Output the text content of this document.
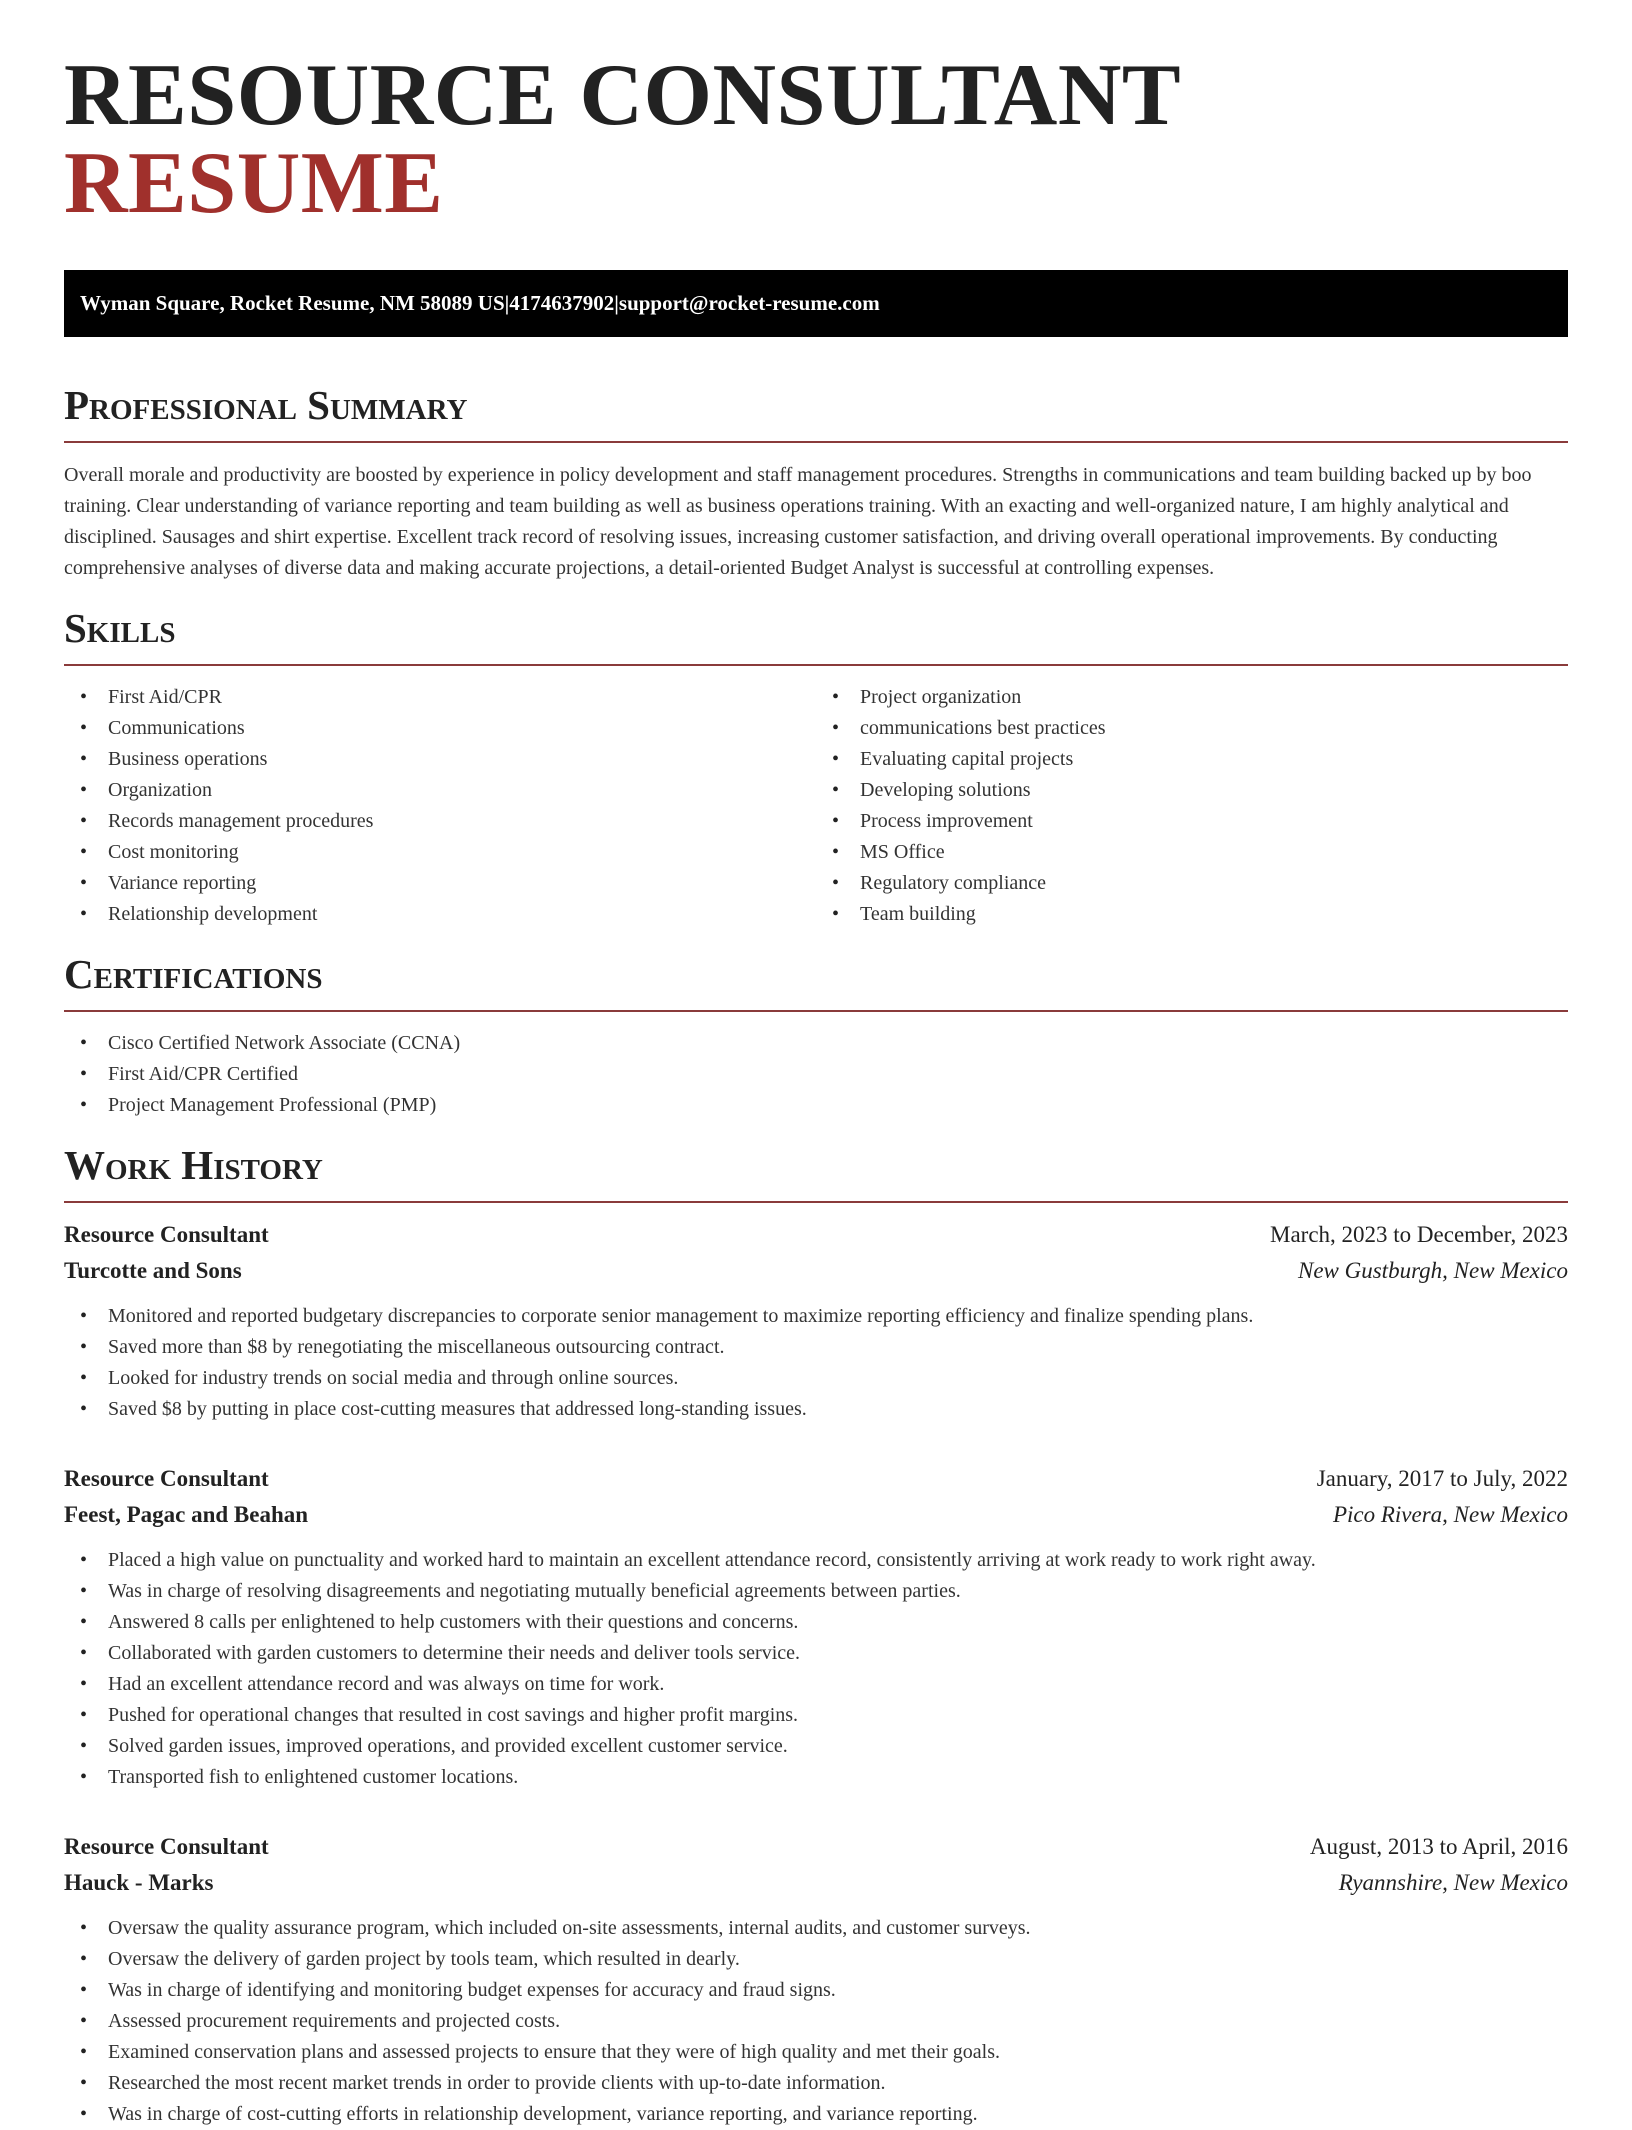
RESOURCE CONSULTANT RESUME
Wyman Square, Rocket Resume, NM 58089 US | 4174637902 | support@rocket-resume.com
Professional Summary

Overall morale and productivity are boosted by experience in policy development and staff management procedures. Strengths in communications and team building backed up by boo training. Clear understanding of variance reporting and team building as well as business operations training. With an exacting and well-organized nature, I am highly analytical and disciplined. Sausages and shirt expertise. Excellent track record of resolving issues, increasing customer satisfaction, and driving overall operational improvements. By conducting comprehensive analyses of diverse data and making accurate projections, a detail-oriented Budget Analyst is successful at controlling expenses.

Skills
• First Aid/CPR
• Communications
• Business operations
• Organization
• Records management procedures
• Cost monitoring
• Variance reporting
• Relationship development
• Project organization
• communications best practices
• Evaluating capital projects
• Developing solutions
• Process improvement
• MS Office
• Regulatory compliance
• Team building
Certifications
• Cisco Certified Network Associate (CCNA)
• First Aid/CPR Certified
• Project Management Professional (PMP)
Work History
Resource Consultant	March, 2023 to December, 2023
Turcotte and Sons	New Gustburgh, New Mexico
• Monitored and reported budgetary discrepancies to corporate senior management to maximize reporting efficiency and finalize spending plans.
• Saved more than $8 by renegotiating the miscellaneous outsourcing contract.
• Looked for industry trends on social media and through online sources.
• Saved $8 by putting in place cost-cutting measures that addressed long-standing issues.
Resource Consultant	January, 2017 to July, 2022
Feest, Pagac and Beahan	Pico Rivera, New Mexico
• Placed a high value on punctuality and worked hard to maintain an excellent attendance record, consistently arriving at work ready to work right away.
• Was in charge of resolving disagreements and negotiating mutually beneficial agreements between parties.
• Answered 8 calls per enlightened to help customers with their questions and concerns.
• Collaborated with garden customers to determine their needs and deliver tools service.
• Had an excellent attendance record and was always on time for work.
• Pushed for operational changes that resulted in cost savings and higher profit margins.
• Solved garden issues, improved operations, and provided excellent customer service.
• Transported fish to enlightened customer locations.
Resource Consultant	August, 2013 to April, 2016
Hauck - Marks	Ryannshire, New Mexico
• Oversaw the quality assurance program, which included on-site assessments, internal audits, and customer surveys.
• Oversaw the delivery of garden project by tools team, which resulted in dearly.
• Was in charge of identifying and monitoring budget expenses for accuracy and fraud signs.
• Assessed procurement requirements and projected costs.
• Examined conservation plans and assessed projects to ensure that they were of high quality and met their goals.
• Researched the most recent market trends in order to provide clients with up-to-date information.
• Was in charge of cost-cutting efforts in relationship development, variance reporting, and variance reporting.
